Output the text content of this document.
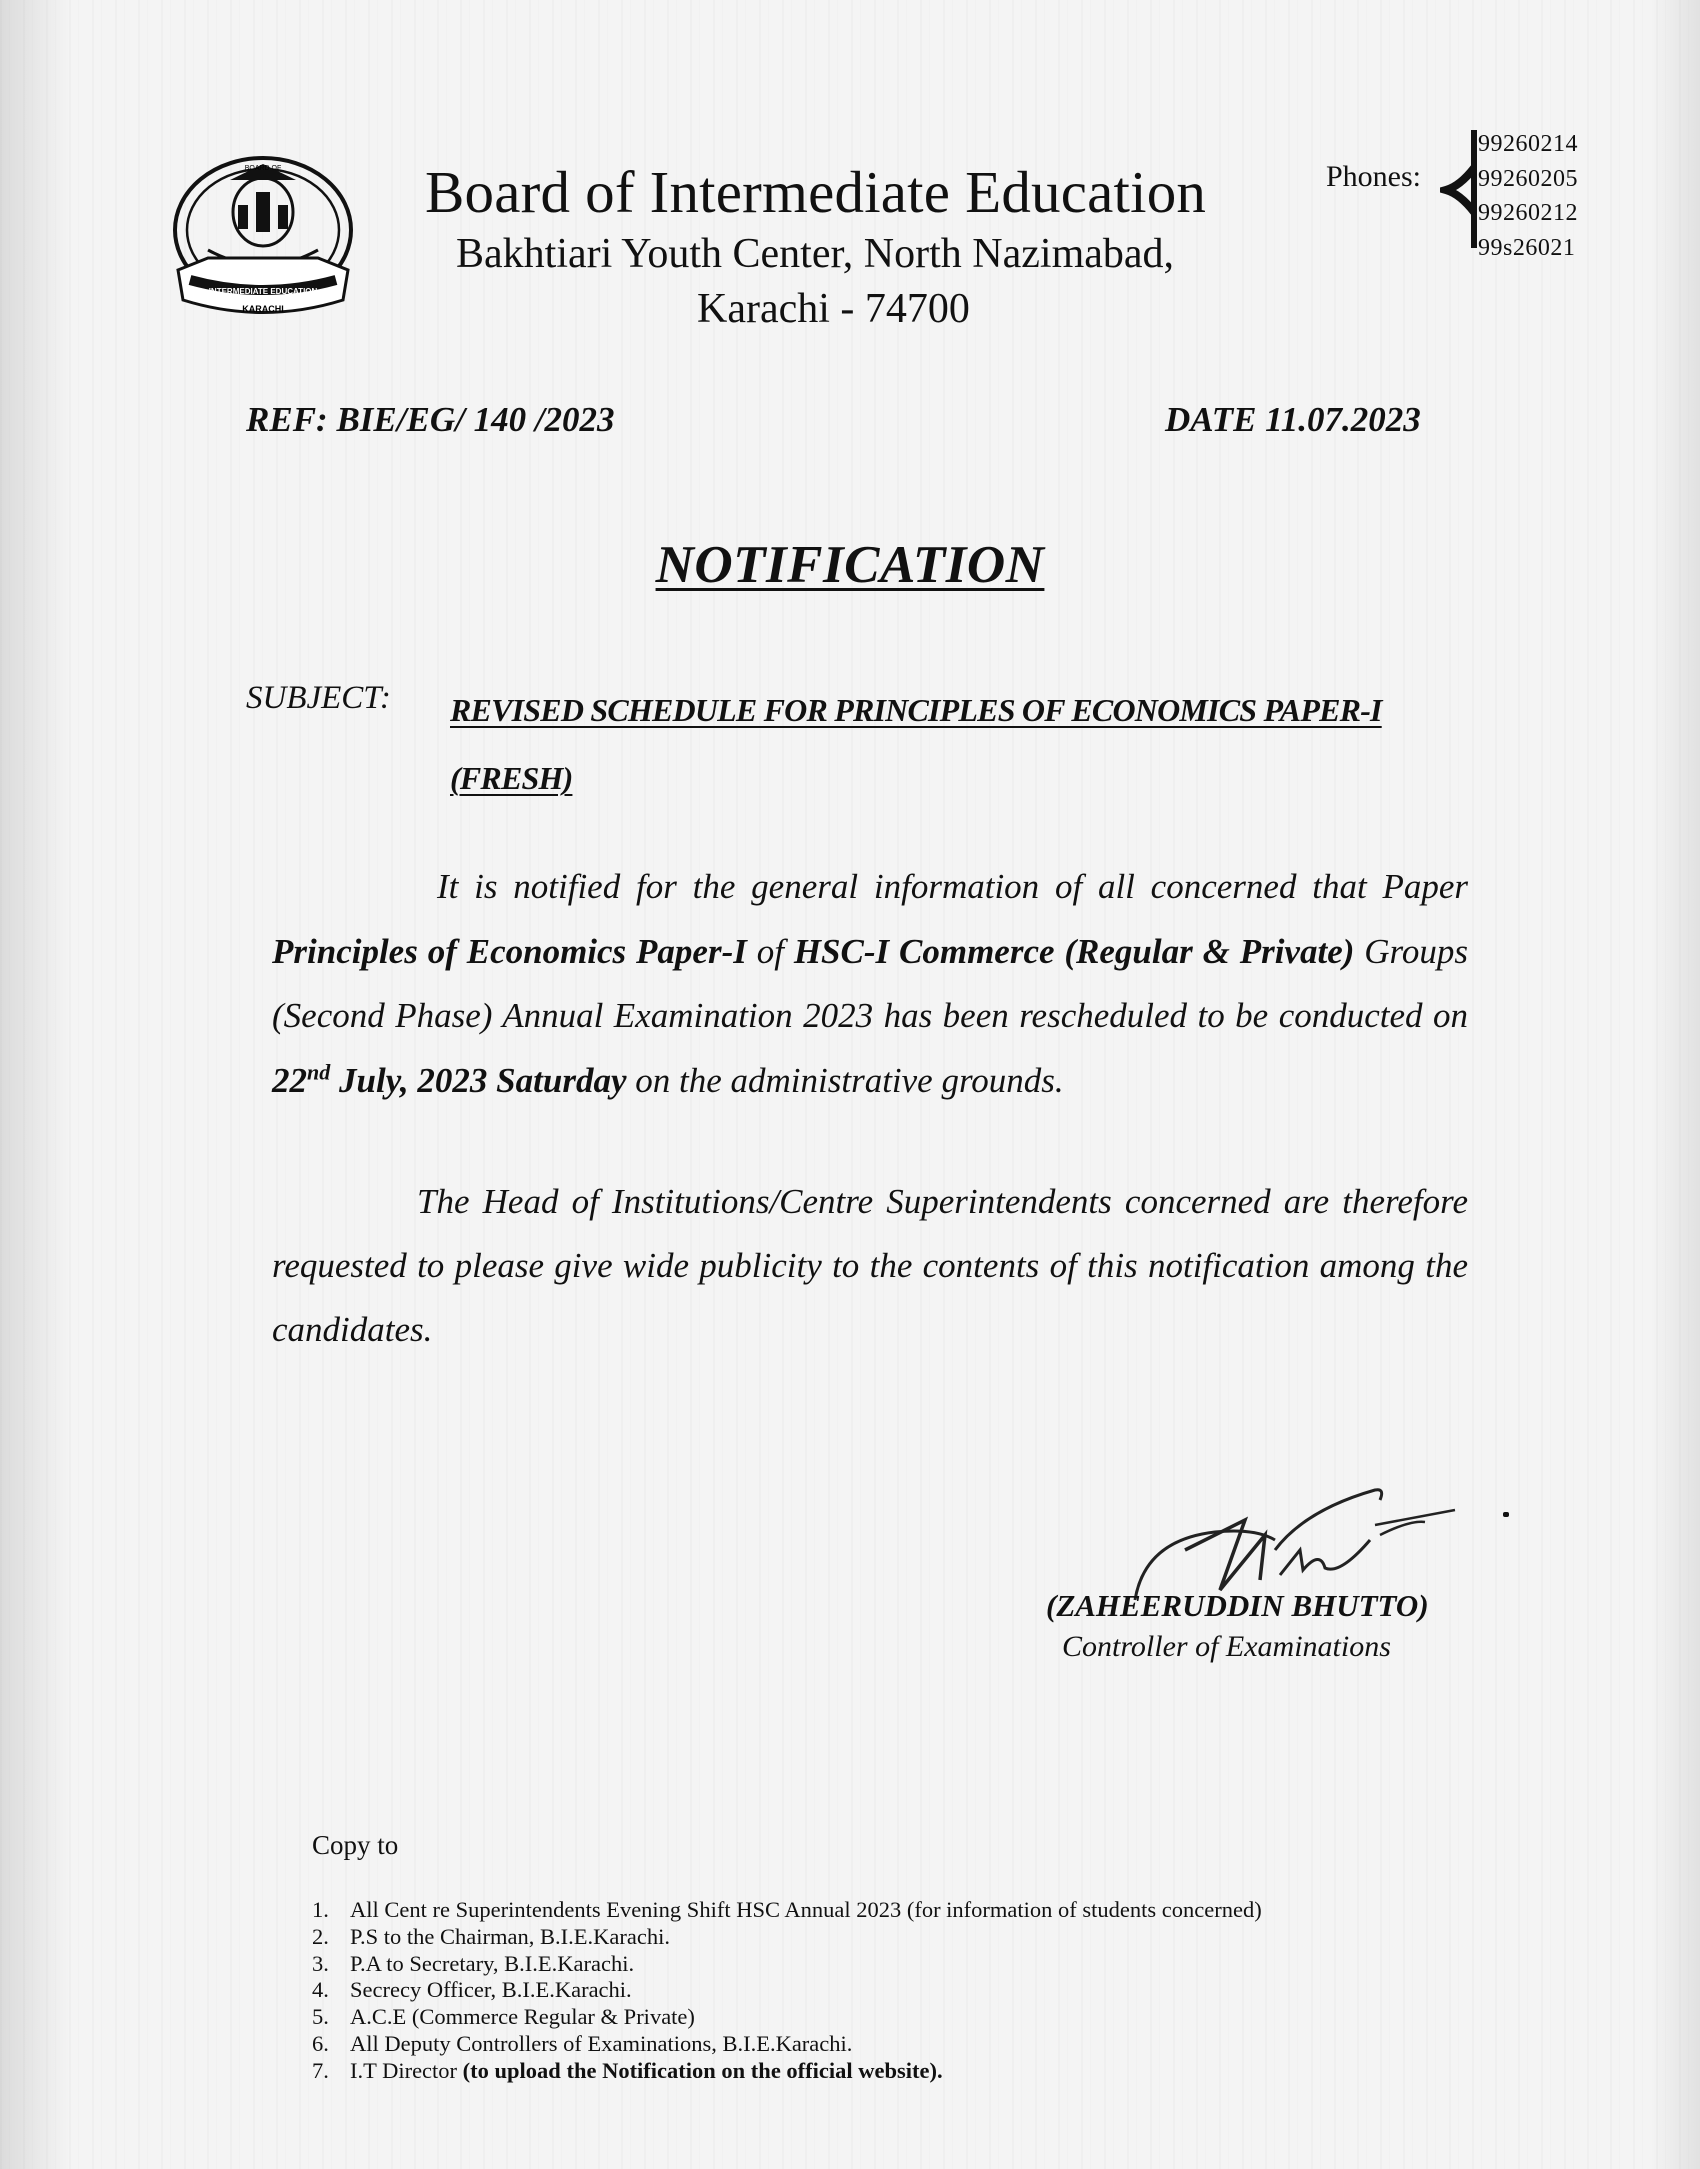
BOARD OF
INTERMEDIATE EDUCATION
KARACHI
Board of Intermediate Education
Bakhtiari Youth Center, North Nazimabad,
Karachi - 74700
Phones:
99260214
99260205
99260212
99s26021
REF: BIE/EG/ 140 /2023	DATE 11.07.2023
NOTIFICATION
SUBJECT: REVISED SCHEDULE FOR PRINCIPLES OF ECONOMICS PAPER-I (FRESH)
It is notified for the general information of all concerned that Paper Principles of Economics Paper-I of HSC-I Commerce (Regular & Private) Groups (Second Phase) Annual Examination 2023 has been rescheduled to be conducted on 22nd July, 2023 Saturday on the administrative grounds.
The Head of Institutions/Centre Superintendents concerned are therefore requested to please give wide publicity to the contents of this notification among the candidates.
(ZAHEERUDDIN BHUTTO)
Controller of Examinations
Copy to
1. All Cent re Superintendents Evening Shift HSC Annual 2023 (for information of students concerned)
2. P.S to the Chairman, B.I.E.Karachi.
3. P.A to Secretary, B.I.E.Karachi.
4. Secrecy Officer, B.I.E.Karachi.
5. A.C.E (Commerce Regular & Private)
6. All Deputy Controllers of Examinations, B.I.E.Karachi.
7. I.T Director (to upload the Notification on the official website).
